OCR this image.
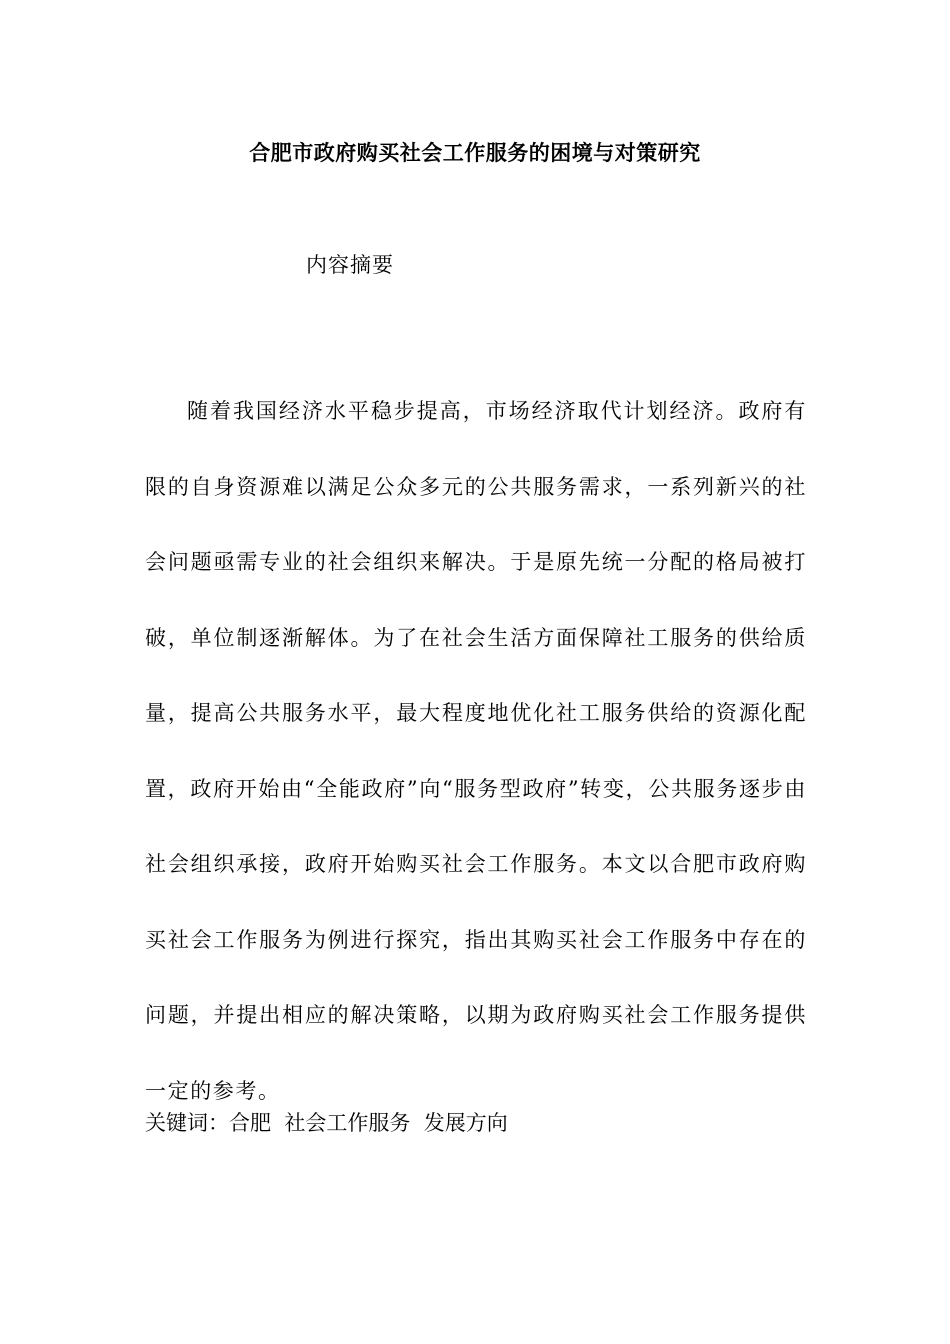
合肥市政府购买社会工作服务的困境与对策研究
内容摘要

随着我国经济水平稳步提高，市场经济取代计划经济。政府有限的自身资源难以满足公众多元的公共服务需求，一系列新兴的社会问题亟需专业的社会组织来解决。于是原先统一分配的格局被打破，单位制逐渐解体。为了在社会生活方面保障社工服务的供给质量，提高公共服务水平，最大程度地优化社工服务供给的资源化配置，政府开始由“全能政府”向“服务型政府”转变，公共服务逐步由社会组织承接，政府开始购买社会工作服务。本文以合肥市政府购买社会工作服务为例进行探究，指出其购买社会工作服务中存在的问题，并提出相应的解决策略，以期为政府购买社会工作服务提供一定的参考。

关键词：合肥  社会工作服务  发展方向
